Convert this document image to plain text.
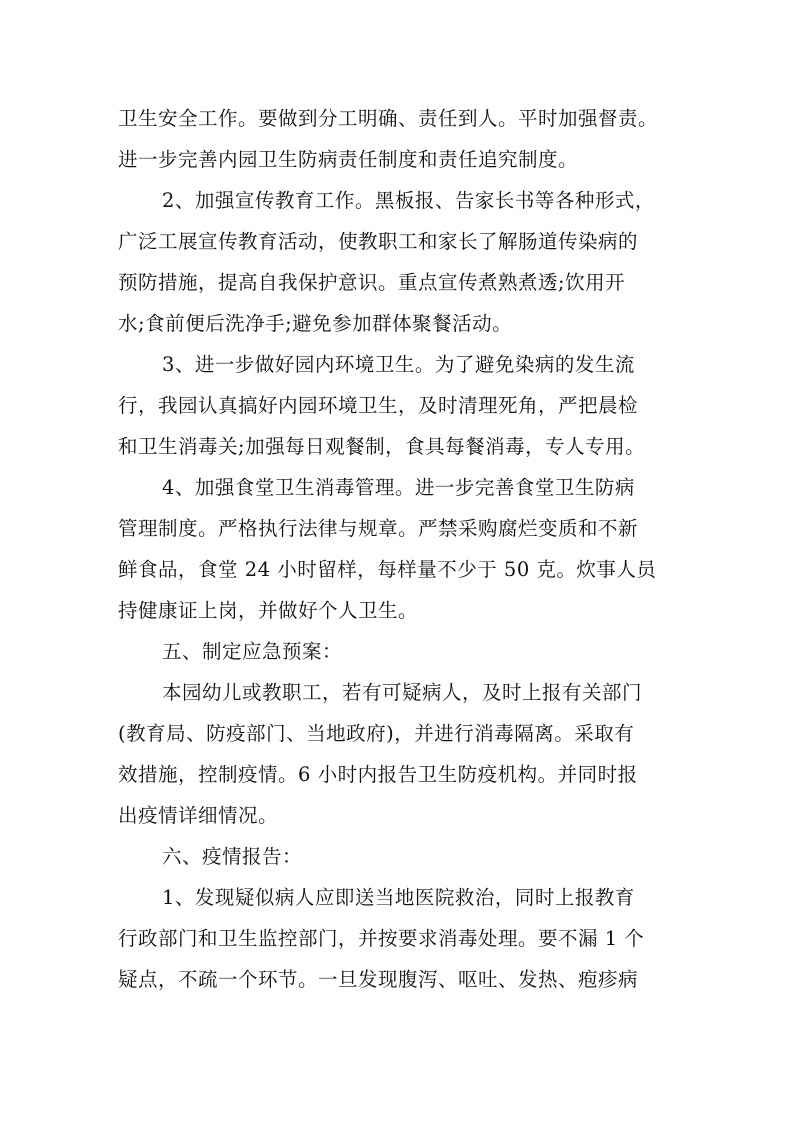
卫生安全工作。要做到分工明确、责任到人。平时加强督责。
进一步完善内园卫生防病责任制度和责任追究制度。
2、加强宣传教育工作。黑板报、告家长书等各种形式，
广泛工展宣传教育活动，使教职工和家长了解肠道传染病的
预防措施，提高自我保护意识。重点宣传煮熟煮透;饮用开
水;食前便后洗净手;避免参加群体聚餐活动。
3、进一步做好园内环境卫生。为了避免染病的发生流
行，我园认真搞好内园环境卫生，及时清理死角，严把晨检
和卫生消毒关;加强每日观餐制，食具每餐消毒，专人专用。
4、加强食堂卫生消毒管理。进一步完善食堂卫生防病
管理制度。严格执行法律与规章。严禁采购腐烂变质和不新
鲜食品，食堂 24 小时留样，每样量不少于 50 克。炊事人员
持健康证上岗，并做好个人卫生。
五、制定应急预案：
本园幼儿或教职工，若有可疑病人，及时上报有关部门
(教育局、防疫部门、当地政府)，并进行消毒隔离。采取有
效措施，控制疫情。6 小时内报告卫生防疫机构。并同时报
出疫情详细情况。
六、疫情报告：
1、发现疑似病人应即送当地医院救治，同时上报教育
行政部门和卫生监控部门，并按要求消毒处理。要不漏 1 个
疑点，不疏一个环节。一旦发现腹泻、呕吐、发热、疱疹病
